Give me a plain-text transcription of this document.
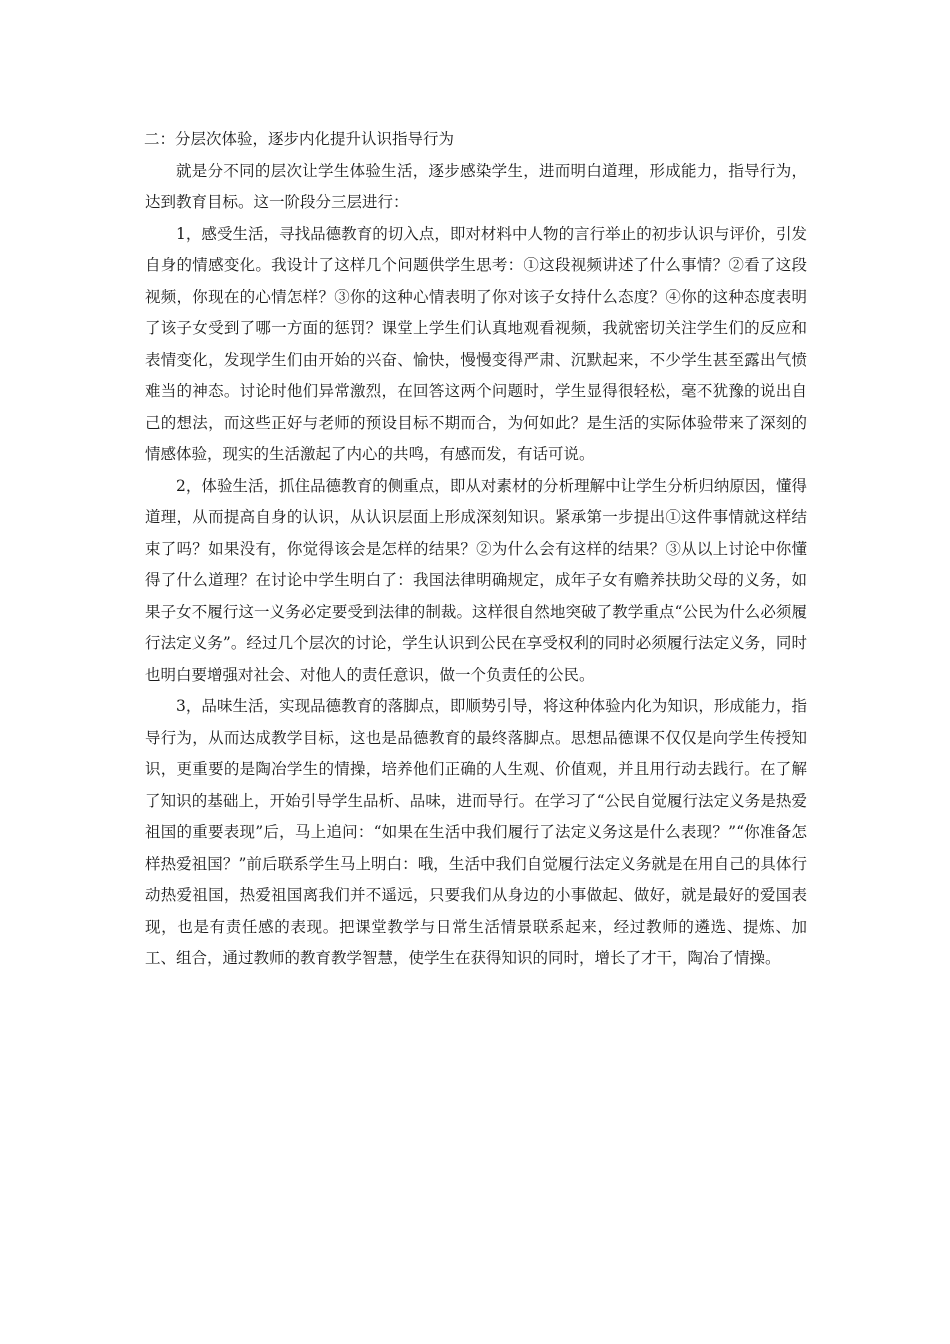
二：分层次体验，逐步内化提升认识指导行为

就是分不同的层次让学生体验生活，逐步感染学生，进而明白道理，形成能力，指导行为，达到教育目标。这一阶段分三层进行：

1，感受生活，寻找品德教育的切入点，即对材料中人物的言行举止的初步认识与评价，引发自身的情感变化。我设计了这样几个问题供学生思考：①这段视频讲述了什么事情？②看了这段视频，你现在的心情怎样？③你的这种心情表明了你对该子女持什么态度？④你的这种态度表明了该子女受到了哪一方面的惩罚？课堂上学生们认真地观看视频，我就密切关注学生们的反应和表情变化，发现学生们由开始的兴奋、愉快，慢慢变得严肃、沉默起来，不少学生甚至露出气愤难当的神态。讨论时他们异常激烈，在回答这两个问题时，学生显得很轻松，毫不犹豫的说出自己的想法，而这些正好与老师的预设目标不期而合，为何如此？是生活的实际体验带来了深刻的情感体验，现实的生活激起了内心的共鸣，有感而发，有话可说。

2，体验生活，抓住品德教育的侧重点，即从对素材的分析理解中让学生分析归纳原因，懂得道理，从而提高自身的认识，从认识层面上形成深刻知识。紧承第一步提出①这件事情就这样结束了吗？如果没有，你觉得该会是怎样的结果？②为什么会有这样的结果？③从以上讨论中你懂得了什么道理？在讨论中学生明白了：我国法律明确规定，成年子女有赡养扶助父母的义务，如果子女不履行这一义务必定要受到法律的制裁。这样很自然地突破了教学重点“公民为什么必须履行法定义务”。经过几个层次的讨论，学生认识到公民在享受权利的同时必须履行法定义务，同时也明白要增强对社会、对他人的责任意识，做一个负责任的公民。

3，品味生活，实现品德教育的落脚点，即顺势引导，将这种体验内化为知识，形成能力，指导行为，从而达成教学目标，这也是品德教育的最终落脚点。思想品德课不仅仅是向学生传授知识，更重要的是陶冶学生的情操，培养他们正确的人生观、价值观，并且用行动去践行。在了解了知识的基础上，开始引导学生品析、品味，进而导行。在学习了“公民自觉履行法定义务是热爱祖国的重要表现”后，马上追问：“如果在生活中我们履行了法定义务这是什么表现？”“你准备怎样热爱祖国？”前后联系学生马上明白：哦，生活中我们自觉履行法定义务就是在用自己的具体行动热爱祖国，热爱祖国离我们并不遥远，只要我们从身边的小事做起、做好，就是最好的爱国表现，也是有责任感的表现。把课堂教学与日常生活情景联系起来，经过教师的遴选、提炼、加工、组合，通过教师的教育教学智慧，使学生在获得知识的同时，增长了才干，陶冶了情操。
